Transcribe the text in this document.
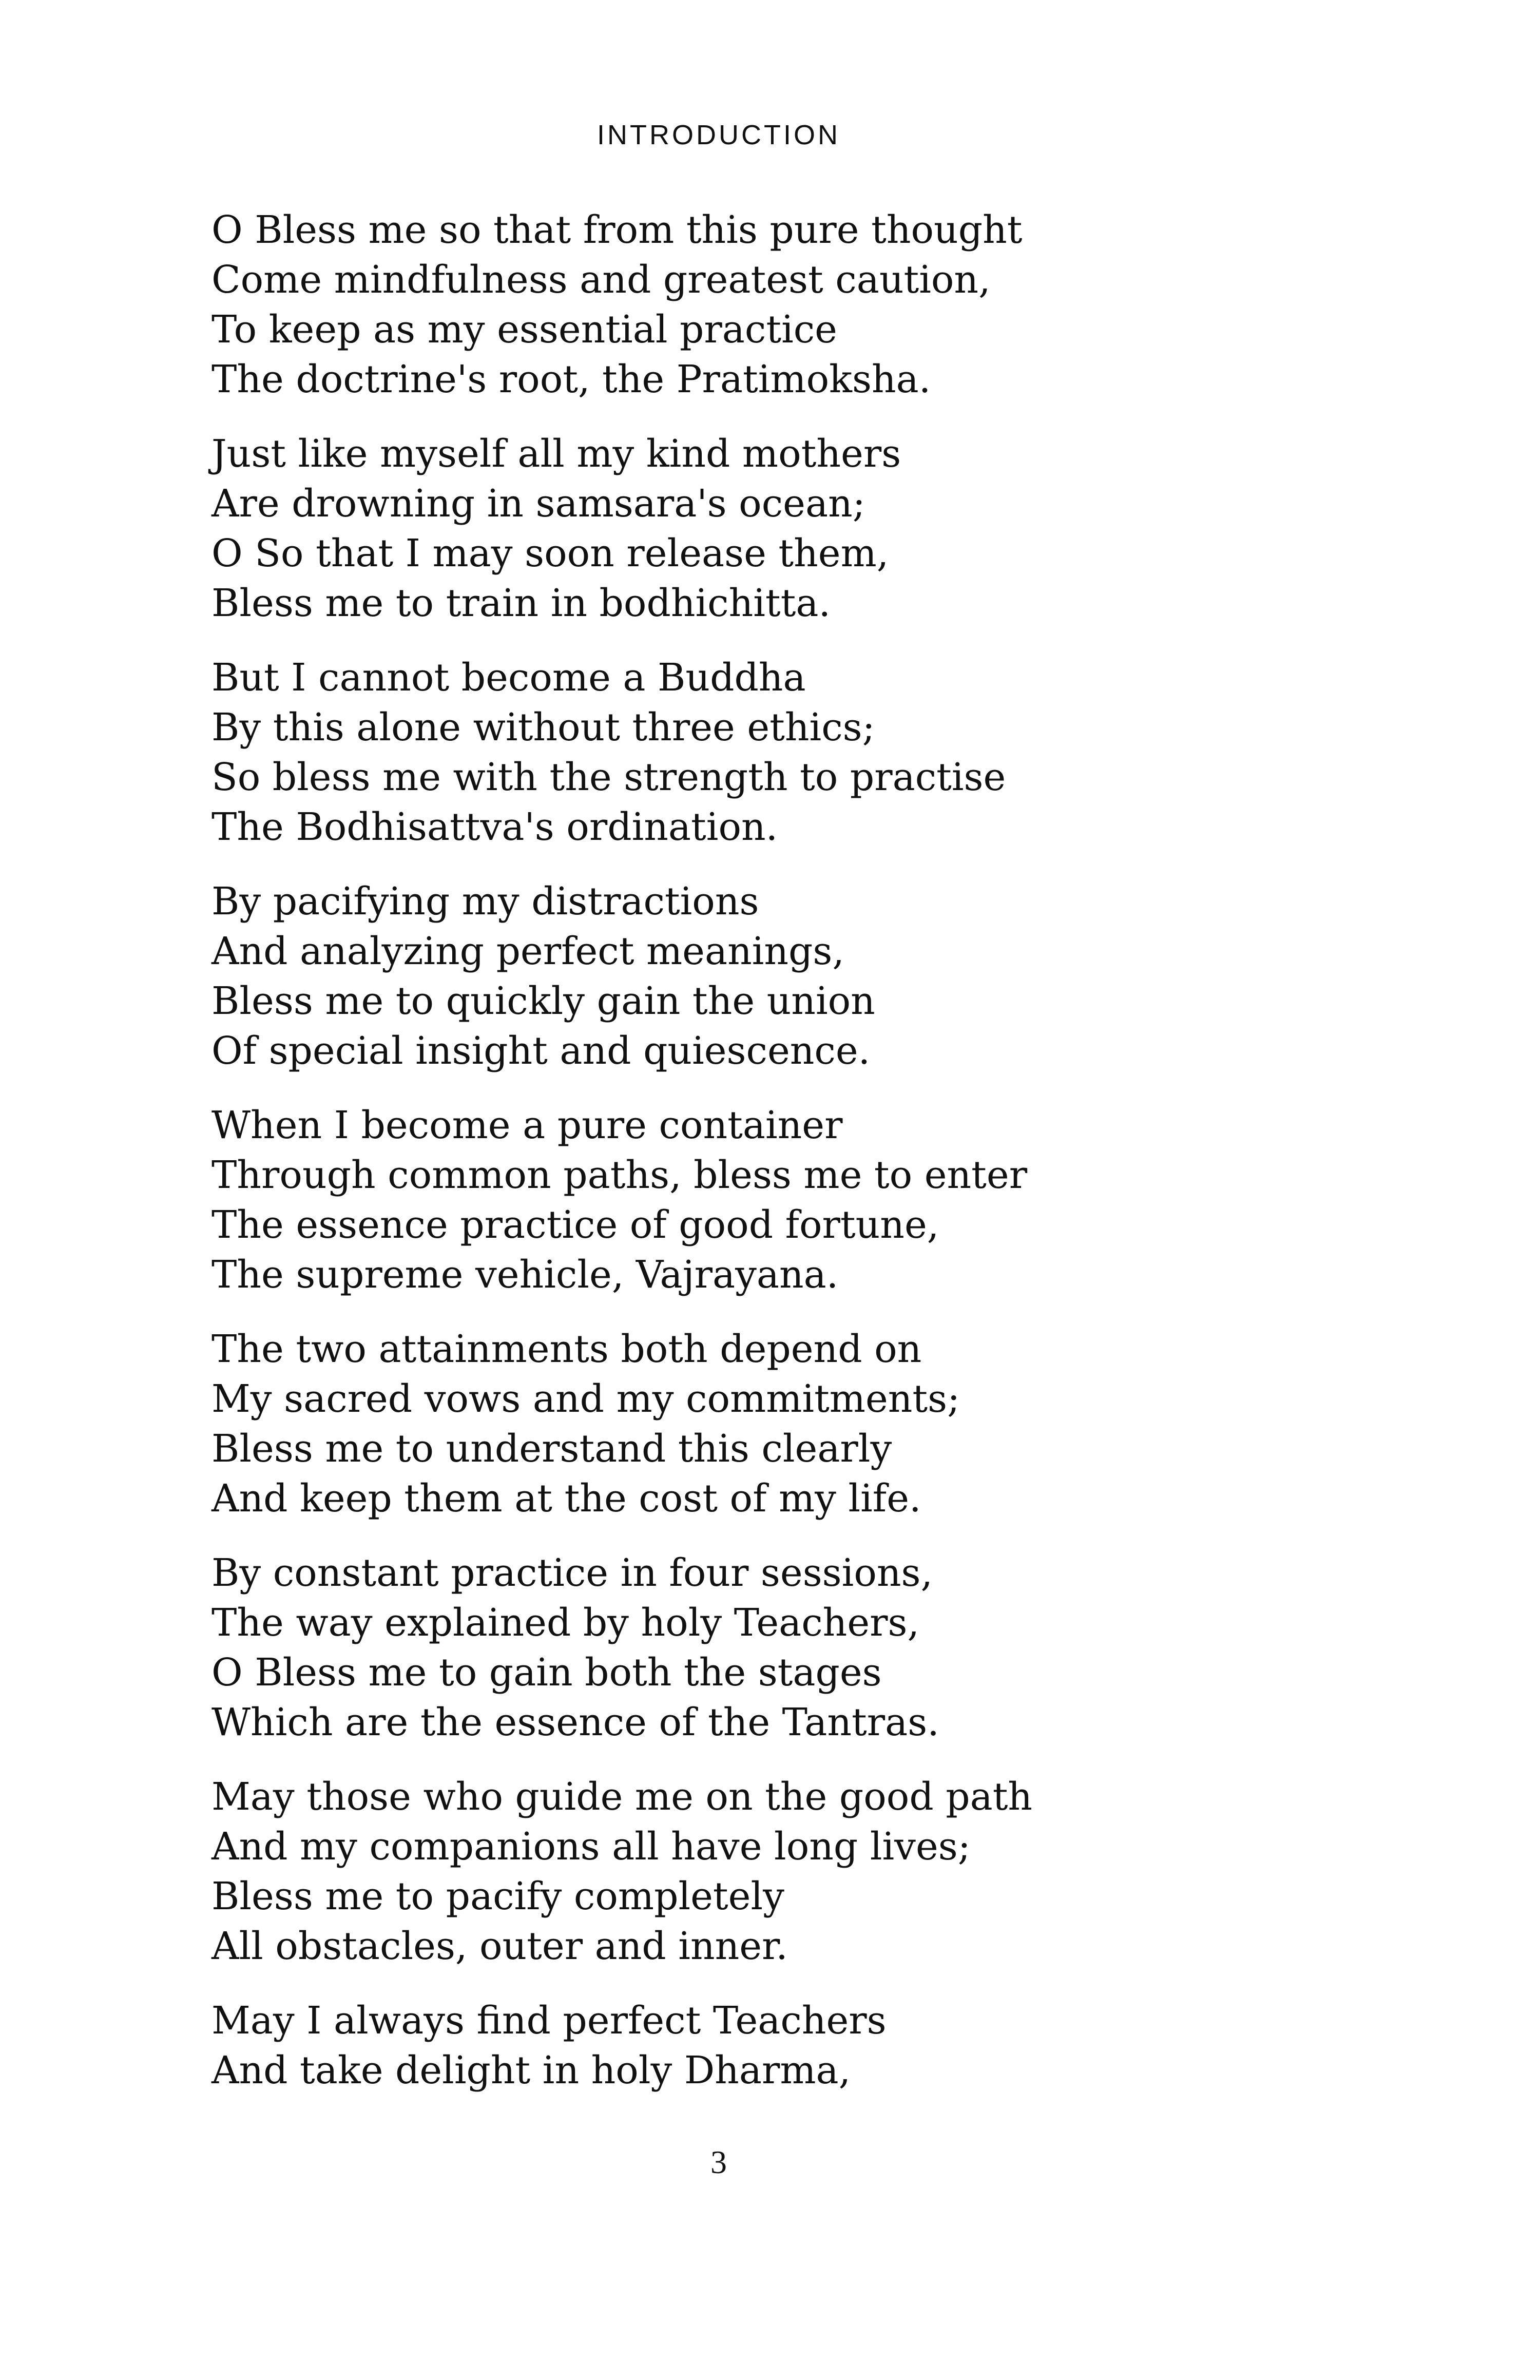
INTRODUCTION
O Bless me so that from this pure thought
Come mindfulness and greatest caution,
To keep as my essential practice
The doctrine's root, the Pratimoksha.
Just like myself all my kind mothers
Are drowning in samsara's ocean;
O So that I may soon release them,
Bless me to train in bodhichitta.
But I cannot become a Buddha
By this alone without three ethics;
So bless me with the strength to practise
The Bodhisattva's ordination.
By pacifying my distractions
And analyzing perfect meanings,
Bless me to quickly gain the union
Of special insight and quiescence.
When I become a pure container
Through common paths, bless me to enter
The essence practice of good fortune,
The supreme vehicle, Vajrayana.
The two attainments both depend on
My sacred vows and my commitments;
Bless me to understand this clearly
And keep them at the cost of my life.
By constant practice in four sessions,
The way explained by holy Teachers,
O Bless me to gain both the stages
Which are the essence of the Tantras.
May those who guide me on the good path
And my companions all have long lives;
Bless me to pacify completely
All obstacles, outer and inner.
May I always find perfect Teachers
And take delight in holy Dharma,
3
